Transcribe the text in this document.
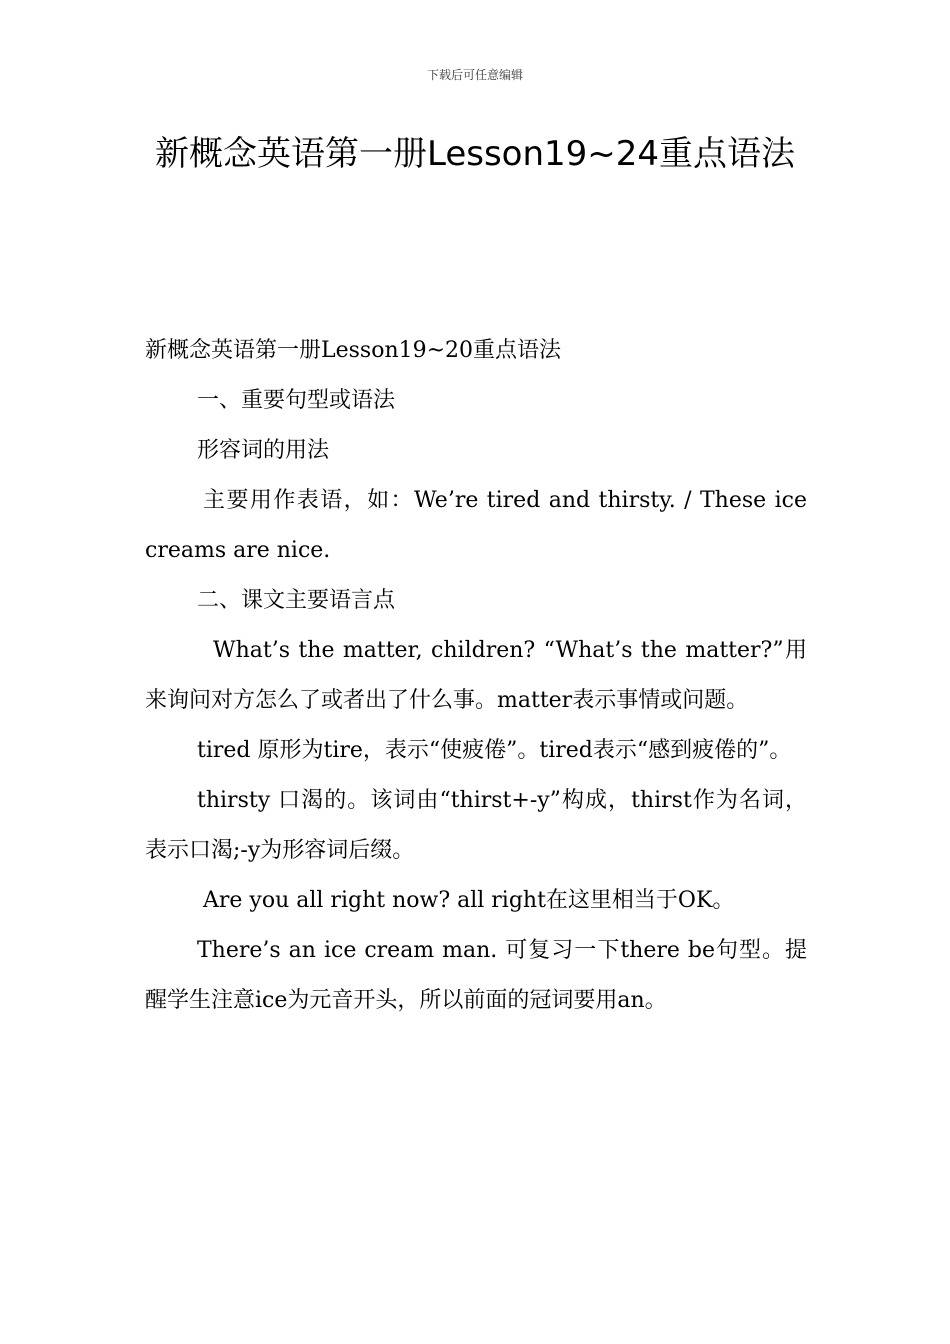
下载后可任意编辑
新概念英语第一册Lesson19~24重点语法

新概念英语第一册Lesson19~20重点语法

一、重要句型或语法

形容词的用法

主要用作表语，如：We’re tired and thirsty. / These ice creams are nice.

二、课文主要语言点

What’s the matter, children? “What’s the matter?”用来询问对方怎么了或者出了什么事。matter表示事情或问题。

tired 原形为tire，表示“使疲倦”。tired表示“感到疲倦的”。

thirsty 口渴的。该词由“thirst+-y”构成，thirst作为名词，表示口渴;-y为形容词后缀。

Are you all right now? all right在这里相当于OK。

There’s an ice cream man. 可复习一下there be句型。提醒学生注意ice为元音开头，所以前面的冠词要用an。
